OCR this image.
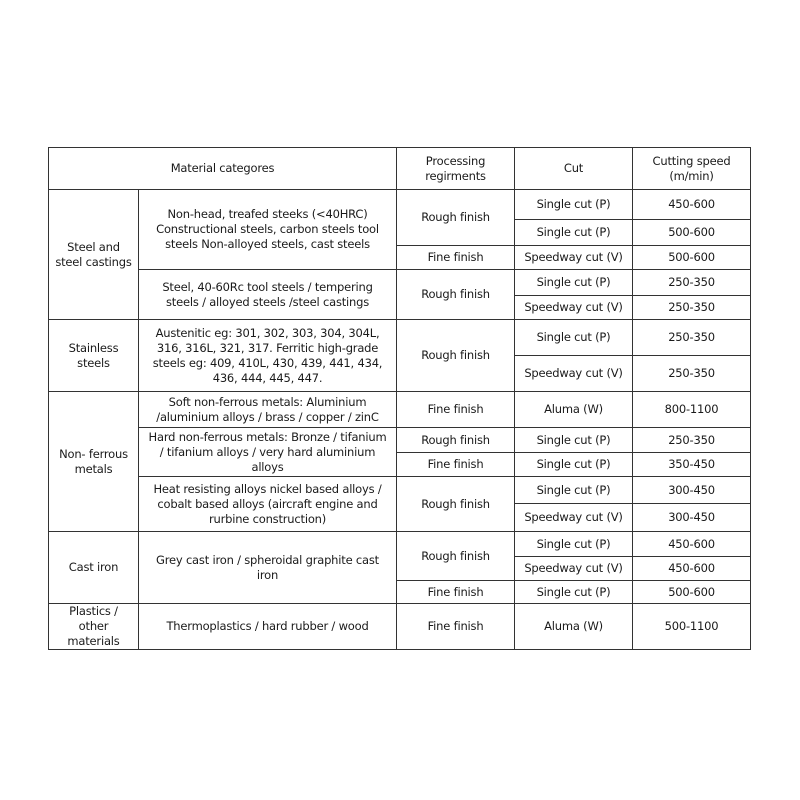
Material categores		Processing regirments	Cut	Cutting speed (m/min)
Steel and steel castings	Non-head, treafed steeks (<40HRC) Constructional steels, carbon steels tool steels Non-alloyed steels, cast steels	Rough finish	Single cut (P)	450-600
			Single cut (P)	500-600
		Fine finish	Speedway cut (V)	500-600
	Steel, 40-60Rc tool steels / tempering steels / alloyed steels /steel castings	Rough finish	Single cut (P)	250-350
			Speedway cut (V)	250-350
Stainless steels	Austenitic eg: 301, 302, 303, 304, 304L, 316, 316L, 321, 317. Ferritic high-grade steels eg: 409, 410L, 430, 439, 441, 434, 436, 444, 445, 447.	Rough finish	Single cut (P)	250-350
			Speedway cut (V)	250-350
Non- ferrous metals	Soft non-ferrous metals: Aluminium /aluminium alloys / brass / copper / zinC	Fine finish	Aluma (W)	800-1100
	Hard non-ferrous metals: Bronze / tifanium / tifanium alloys / very hard aluminium alloys	Rough finish	Single cut (P)	250-350
		Fine finish	Single cut (P)	350-450
	Heat resisting alloys nickel based alloys / cobalt based alloys (aircraft engine and rurbine construction)	Rough finish	Single cut (P)	300-450
			Speedway cut (V)	300-450
Cast iron	Grey cast iron / spheroidal graphite cast iron	Rough finish	Single cut (P)	450-600
			Speedway cut (V)	450-600
		Fine finish	Single cut (P)	500-600
Plastics / other materials	Thermoplastics / hard rubber / wood	Fine finish	Aluma (W)	500-1100
